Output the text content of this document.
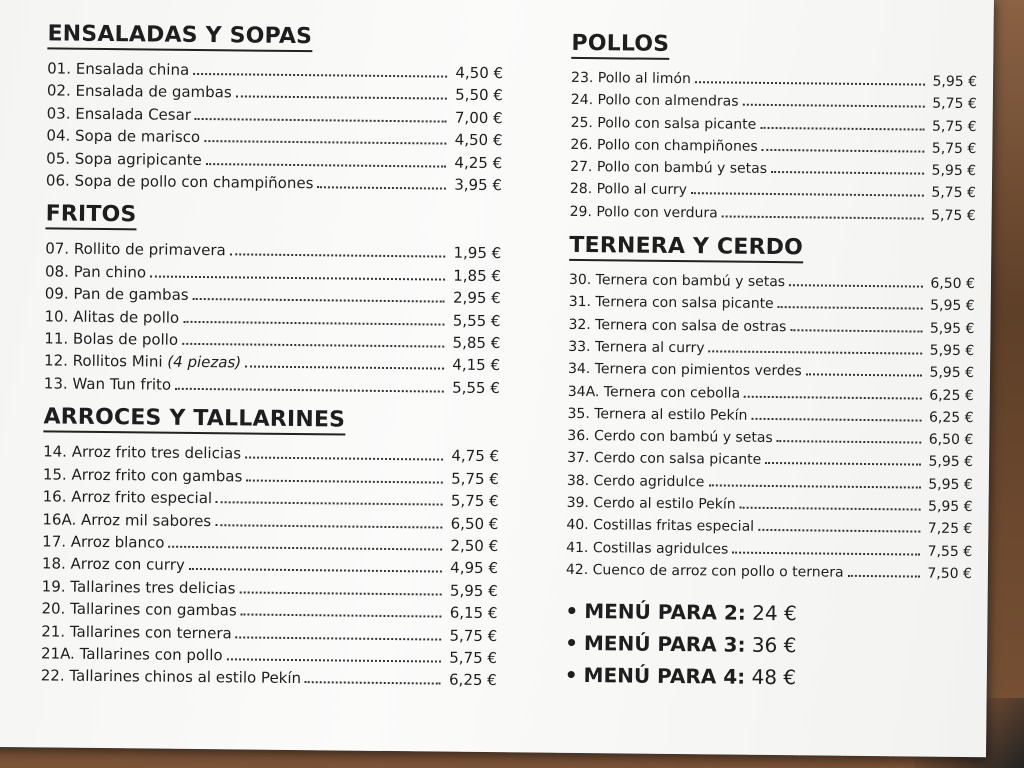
ENSALADAS Y SOPAS
01. Ensalada china	4,50 €
02. Ensalada de gambas	5,50 €
03. Ensalada Cesar	7,00 €
04. Sopa de marisco	4,50 €
05. Sopa agripicante	4,25 €
06. Sopa de pollo con champiñones	3,95 €
FRITOS
07. Rollito de primavera	1,95 €
08. Pan chino	1,85 €
09. Pan de gambas	2,95 €
10. Alitas de pollo	5,55 €
11. Bolas de pollo	5,85 €
12. Rollitos Mini (4 piezas)	4,15 €
13. Wan Tun frito	5,55 €
ARROCES Y TALLARINES
14. Arroz frito tres delicias	4,75 €
15. Arroz frito con gambas	5,75 €
16. Arroz frito especial	5,75 €
16A. Arroz mil sabores	6,50 €
17. Arroz blanco	2,50 €
18. Arroz con curry	4,95 €
19. Tallarines tres delicias	5,95 €
20. Tallarines con gambas	6,15 €
21. Tallarines con ternera	5,75 €
21A. Tallarines con pollo	5,75 €
22. Tallarines chinos al estilo Pekín	6,25 €
POLLOS
23. Pollo al limón	5,95 €
24. Pollo con almendras	5,75 €
25. Pollo con salsa picante	5,75 €
26. Pollo con champiñones	5,75 €
27. Pollo con bambú y setas	5,95 €
28. Pollo al curry	5,75 €
29. Pollo con verdura	5,75 €
TERNERA Y CERDO
30. Ternera con bambú y setas	6,50 €
31. Ternera con salsa picante	5,95 €
32. Ternera con salsa de ostras	5,95 €
33. Ternera al curry	5,95 €
34. Ternera con pimientos verdes	5,95 €
34A. Ternera con cebolla	6,25 €
35. Ternera al estilo Pekín	6,25 €
36. Cerdo con bambú y setas	6,50 €
37. Cerdo con salsa picante	5,95 €
38. Cerdo agridulce	5,95 €
39. Cerdo al estilo Pekín	5,95 €
40. Costillas fritas especial	7,25 €
41. Costillas agridulces	7,55 €
42. Cuenco de arroz con pollo o ternera	7,50 €
• MENÚ PARA 2: 24 €
• MENÚ PARA 3: 36 €
• MENÚ PARA 4: 48 €
